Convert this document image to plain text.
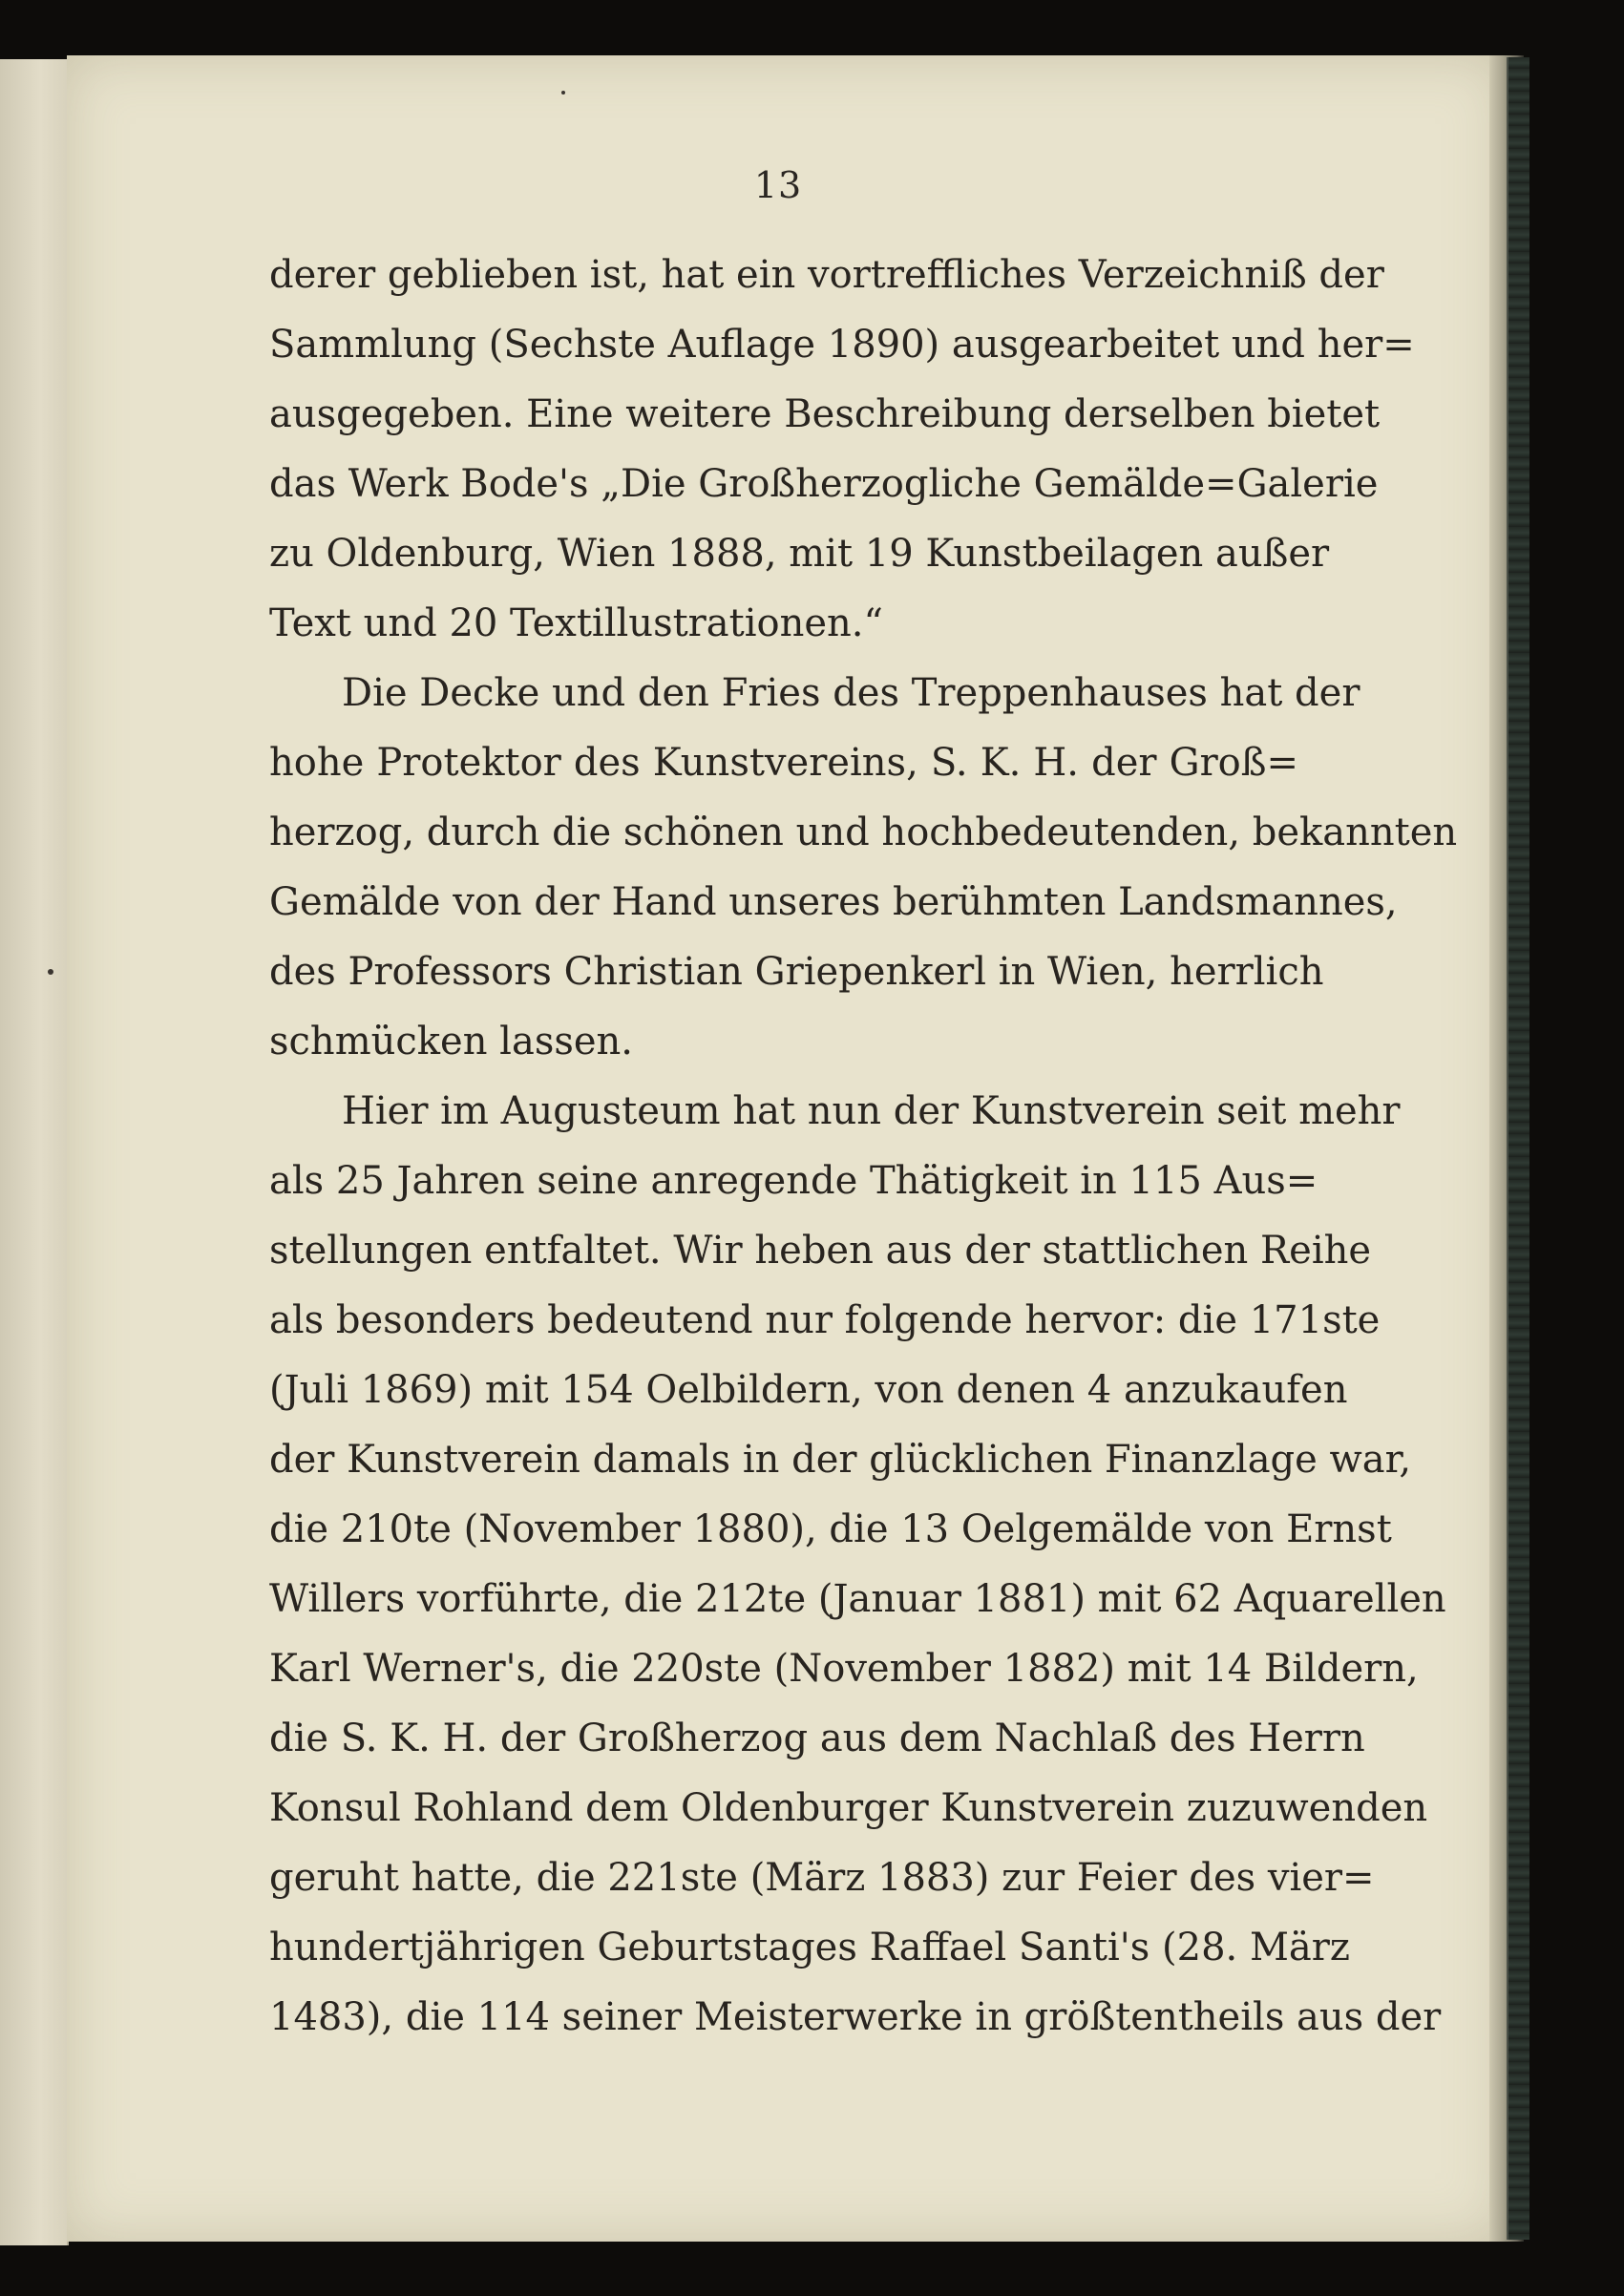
13
derer geblieben ist, hat ein vortreffliches Verzeichniß der
Sammlung (Sechste Auflage 1890) ausgearbeitet und her=
ausgegeben. Eine weitere Beschreibung derselben bietet
das Werk Bode's „Die Großherzogliche Gemälde=Galerie
zu Oldenburg, Wien 1888, mit 19 Kunstbeilagen außer
Text und 20 Textillustrationen.“
Die Decke und den Fries des Treppenhauses hat der
hohe Protektor des Kunstvereins, S. K. H. der Groß=
herzog, durch die schönen und hochbedeutenden, bekannten
Gemälde von der Hand unseres berühmten Landsmannes,
des Professors Christian Griepenkerl in Wien, herrlich
schmücken lassen.
Hier im Augusteum hat nun der Kunstverein seit mehr
als 25 Jahren seine anregende Thätigkeit in 115 Aus=
stellungen entfaltet. Wir heben aus der stattlichen Reihe
als besonders bedeutend nur folgende hervor: die 171ste
(Juli 1869) mit 154 Oelbildern, von denen 4 anzukaufen
der Kunstverein damals in der glücklichen Finanzlage war,
die 210te (November 1880), die 13 Oelgemälde von Ernst
Willers vorführte, die 212te (Januar 1881) mit 62 Aquarellen
Karl Werner's, die 220ste (November 1882) mit 14 Bildern,
die S. K. H. der Großherzog aus dem Nachlaß des Herrn
Konsul Rohland dem Oldenburger Kunstverein zuzuwenden
geruht hatte, die 221ste (März 1883) zur Feier des vier=
hundertjährigen Geburtstages Raffael Santi's (28. März
1483), die 114 seiner Meisterwerke in größtentheils aus der
